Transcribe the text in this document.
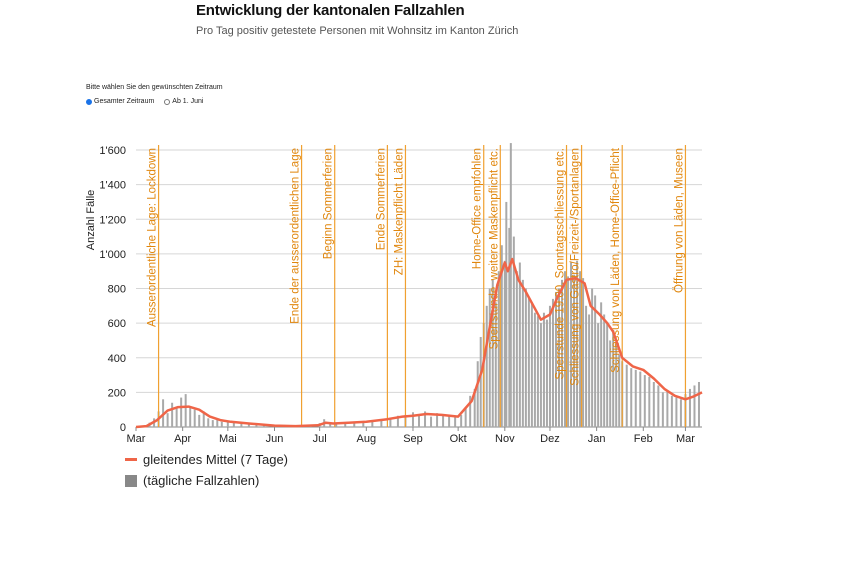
Entwicklung der kantonalen Fallzahlen
Pro Tag positiv getestete Personen mit Wohnsitz im Kanton Zürich
Bitte wählen Sie den gewünschten Zeitraum
Gesamter Zeitraum	Ab 1. Juni
0
200
400
600
800
1'000
1'200
1'400
1'600
Anzahl Fälle
Mar	Apr	Mai	Jun	Jul	Aug Sep Okt	Nov Dez	Jan	Feb Mar
Ausserordentliche Lage: Lockdown	Ende der ausserordentlichen Lage Beginn Sommerferien	Ende Sommerferien ZH: Maskenpflicht Läden	Home-Office empfohlen Sperrstunde, weitere Maskenpflicht etc.	Sperrstunde 19.00, Sonntagsschliessung etc. Schliessung von Gastro/Freizeit-/Sportanlagen Schliessung von Läden, Home-Office-Pflicht	Öffnung von Läden, Museen
gleitendes Mittel (7 Tage)
(tägliche Fallzahlen)
